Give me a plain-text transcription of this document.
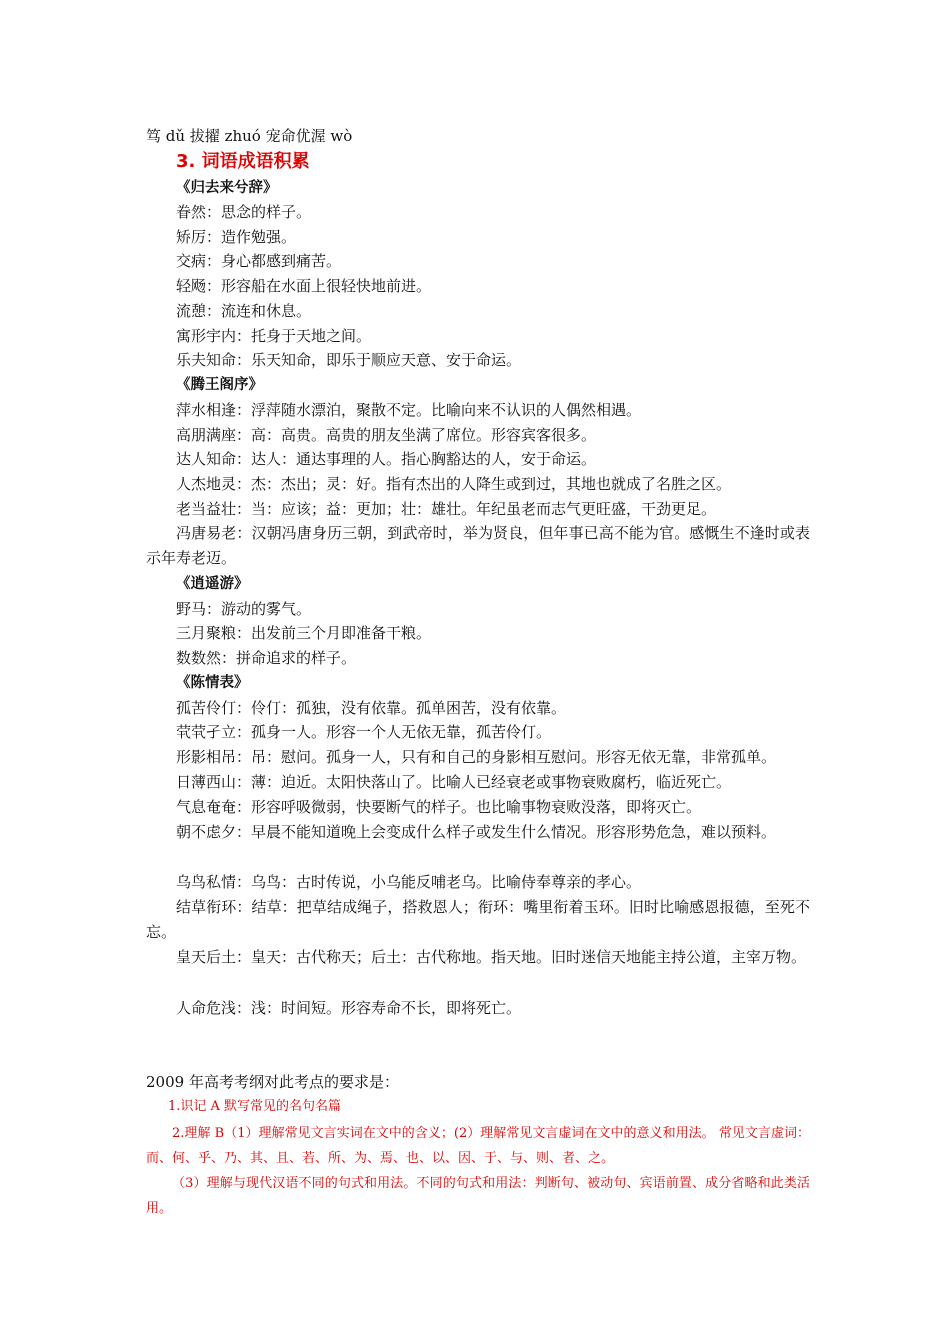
笃 dǔ 拔擢 zhuó 宠命优渥 wò
3. 词语成语积累
《归去来兮辞》
眷然：思念的样子。
矫厉：造作勉强。
交病：身心都感到痛苦。
轻飏：形容船在水面上很轻快地前进。
流憩：流连和休息。
寓形宇内：托身于天地之间。
乐夫知命：乐天知命，即乐于顺应天意、安于命运。
《腾王阁序》
萍水相逢：浮萍随水漂泊，聚散不定。比喻向来不认识的人偶然相遇。
高朋满座：高：高贵。高贵的朋友坐满了席位。形容宾客很多。
达人知命：达人：通达事理的人。指心胸豁达的人，安于命运。
人杰地灵：杰：杰出；灵：好。指有杰出的人降生或到过，其地也就成了名胜之区。
老当益壮：当：应该；益：更加；壮：雄壮。年纪虽老而志气更旺盛，干劲更足。
冯唐易老：汉朝冯唐身历三朝，到武帝时，举为贤良，但年事已高不能为官。感慨生不逢时或表示年寿老迈。
《逍遥游》
野马：游动的雾气。
三月聚粮：出发前三个月即准备干粮。
数数然：拼命追求的样子。
《陈情表》
孤苦伶仃：伶仃：孤独，没有依靠。孤单困苦，没有依靠。
茕茕孑立：孤身一人。形容一个人无依无靠，孤苦伶仃。
形影相吊：吊：慰问。孤身一人，只有和自己的身影相互慰问。形容无依无靠，非常孤单。
日薄西山：薄：迫近。太阳快落山了。比喻人已经衰老或事物衰败腐朽，临近死亡。
气息奄奄：形容呼吸微弱，快要断气的样子。也比喻事物衰败没落，即将灭亡。
朝不虑夕：早晨不能知道晚上会变成什么样子或发生什么情况。形容形势危急，难以预料。
乌鸟私情：乌鸟：古时传说，小乌能反哺老乌。比喻侍奉尊亲的孝心。
结草衔环：结草：把草结成绳子，搭救恩人；衔环：嘴里衔着玉环。旧时比喻感恩报德，至死不忘。
皇天后土：皇天：古代称天；后土：古代称地。指天地。旧时迷信天地能主持公道，主宰万物。
人命危浅：浅：时间短。形容寿命不长，即将死亡。
2009 年高考考纲对此考点的要求是：
1.识记 A 默写常见的名句名篇
2.理解 B（1）理解常见文言实词在文中的含义；(2）理解常见文言虚词在文中的意义和用法。 常见文言虚词：而、何、乎、乃、其、且、若、所、为、焉、也、以、因、于、与、则、者、之。
（3）理解与现代汉语不同的句式和用法。不同的句式和用法：判断句、被动句、宾语前置、成分省略和此类活用。
